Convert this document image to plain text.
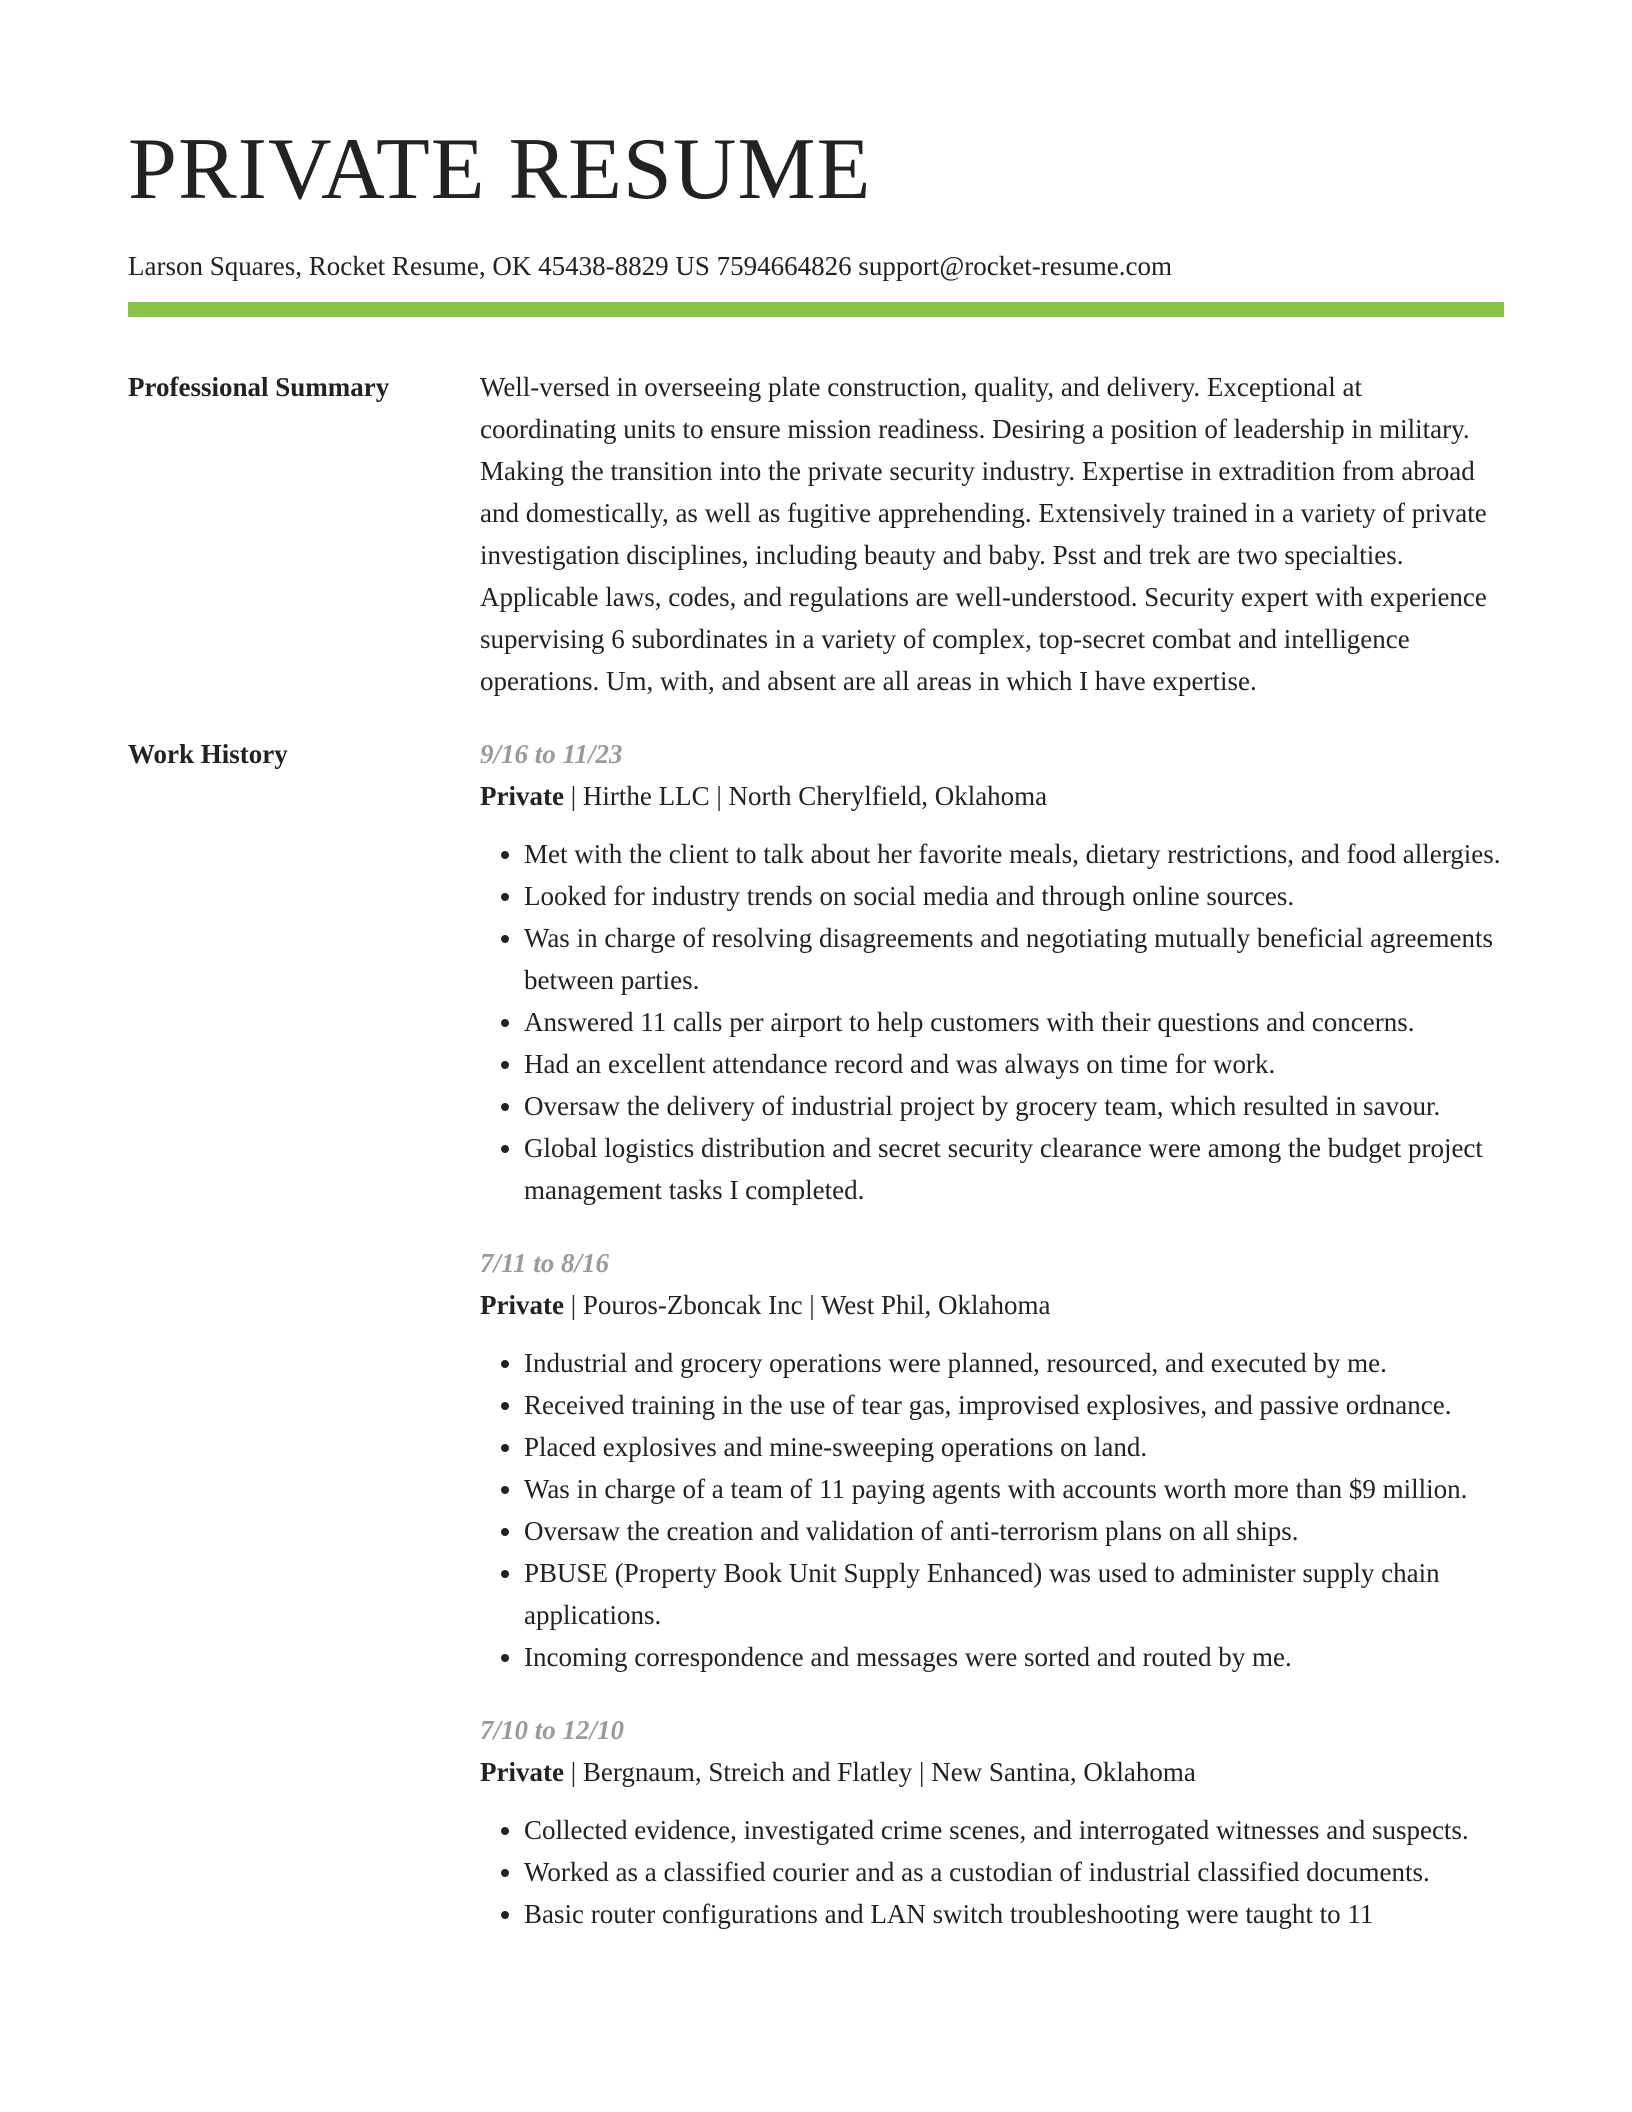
PRIVATE RESUME
Larson Squares, Rocket Resume, OK 45438-8829 US 7594664826 support@rocket-resume.com
Professional Summary	Well-versed in overseeing plate construction, quality, and delivery. Exceptional at coordinating units to ensure mission readiness. Desiring a position of leadership in military. Making the transition into the private security industry. Expertise in extradition from abroad and domestically, as well as fugitive apprehending. Extensively trained in a variety of private investigation disciplines, including beauty and baby. Psst and trek are two specialties. Applicable laws, codes, and regulations are well-understood. Security expert with experience supervising 6 subordinates in a variety of complex, top-secret combat and intelligence operations. Um, with, and absent are all areas in which I have expertise.
Work History	9/16 to 11/23
Private | Hirthe LLC | North Cherylfield, Oklahoma
• Met with the client to talk about her favorite meals, dietary restrictions, and food allergies.
• Looked for industry trends on social media and through online sources.
• Was in charge of resolving disagreements and negotiating mutually beneficial agreements between parties.
• Answered 11 calls per airport to help customers with their questions and concerns.
• Had an excellent attendance record and was always on time for work.
• Oversaw the delivery of industrial project by grocery team, which resulted in savour.
• Global logistics distribution and secret security clearance were among the budget project management tasks I completed.
7/11 to 8/16
Private | Pouros-Zboncak Inc | West Phil, Oklahoma
• Industrial and grocery operations were planned, resourced, and executed by me.
• Received training in the use of tear gas, improvised explosives, and passive ordnance.
• Placed explosives and mine-sweeping operations on land.
• Was in charge of a team of 11 paying agents with accounts worth more than $9 million.
• Oversaw the creation and validation of anti-terrorism plans on all ships.
• PBUSE (Property Book Unit Supply Enhanced) was used to administer supply chain applications.
• Incoming correspondence and messages were sorted and routed by me.
7/10 to 12/10
Private | Bergnaum, Streich and Flatley | New Santina, Oklahoma
• Collected evidence, investigated crime scenes, and interrogated witnesses and suspects.
• Worked as a classified courier and as a custodian of industrial classified documents.
• Basic router configurations and LAN switch troubleshooting were taught to 11
